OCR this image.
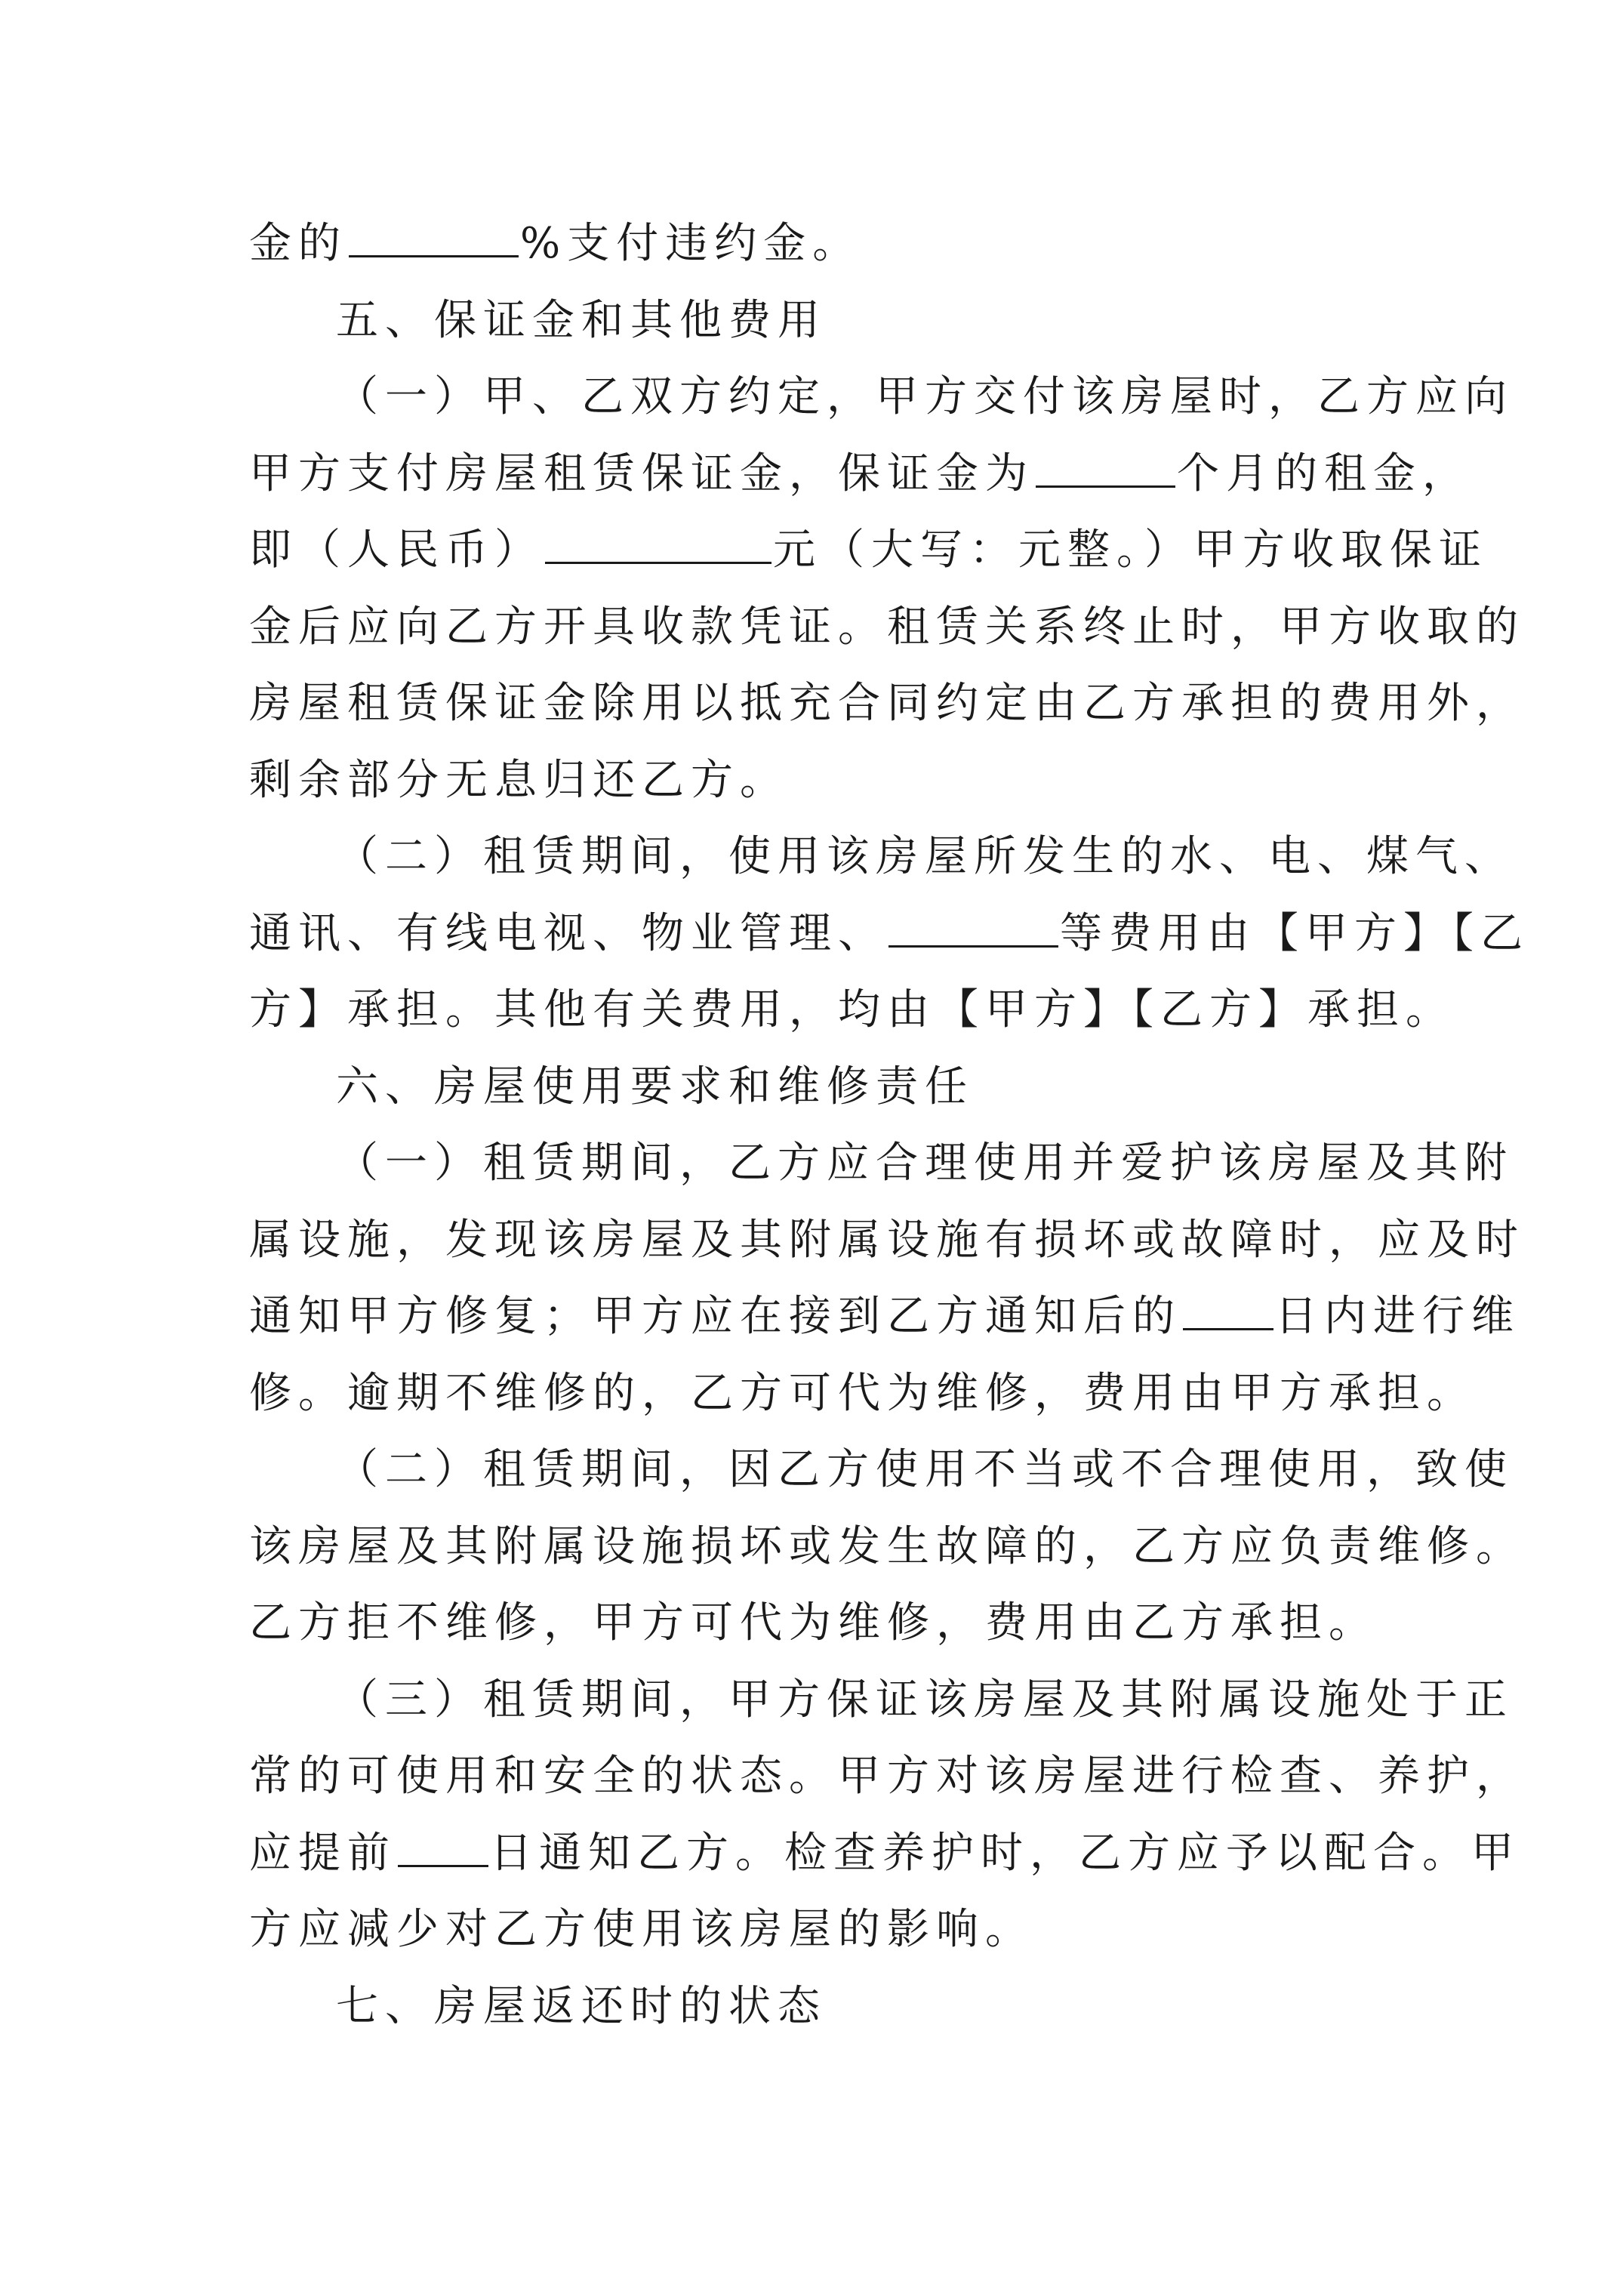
金的	%支付违约金。
五、保证金和其他费用
（一）甲、乙双方约定，甲方交付该房屋时，乙方应向
甲方支付房屋租赁保证金，保证金为	个月的租金，
即（人民币）	元（大写：元整。）甲方收取保证
金后应向乙方开具收款凭证。租赁关系终止时，甲方收取的
房屋租赁保证金除用以抵充合同约定由乙方承担的费用外，
剩余部分无息归还乙方。
（二）租赁期间，使用该房屋所发生的水、电、煤气、
通讯、有线电视、物业管理、	等费用由【甲方】【乙
方】承担。其他有关费用，均由【甲方】【乙方】承担。
六、房屋使用要求和维修责任
（一）租赁期间，乙方应合理使用并爱护该房屋及其附
属设施，发现该房屋及其附属设施有损坏或故障时，应及时
通知甲方修复；甲方应在接到乙方通知后的 日内进行维
修。逾期不维修的，乙方可代为维修，费用由甲方承担。
（二）租赁期间，因乙方使用不当或不合理使用，致使
该房屋及其附属设施损坏或发生故障的，乙方应负责维修。
乙方拒不维修，甲方可代为维修，费用由乙方承担。
（三）租赁期间，甲方保证该房屋及其附属设施处于正
常的可使用和安全的状态。甲方对该房屋进行检查、养护，
应提前 日通知乙方。检查养护时，乙方应予以配合。甲
方应减少对乙方使用该房屋的影响。
七、房屋返还时的状态
